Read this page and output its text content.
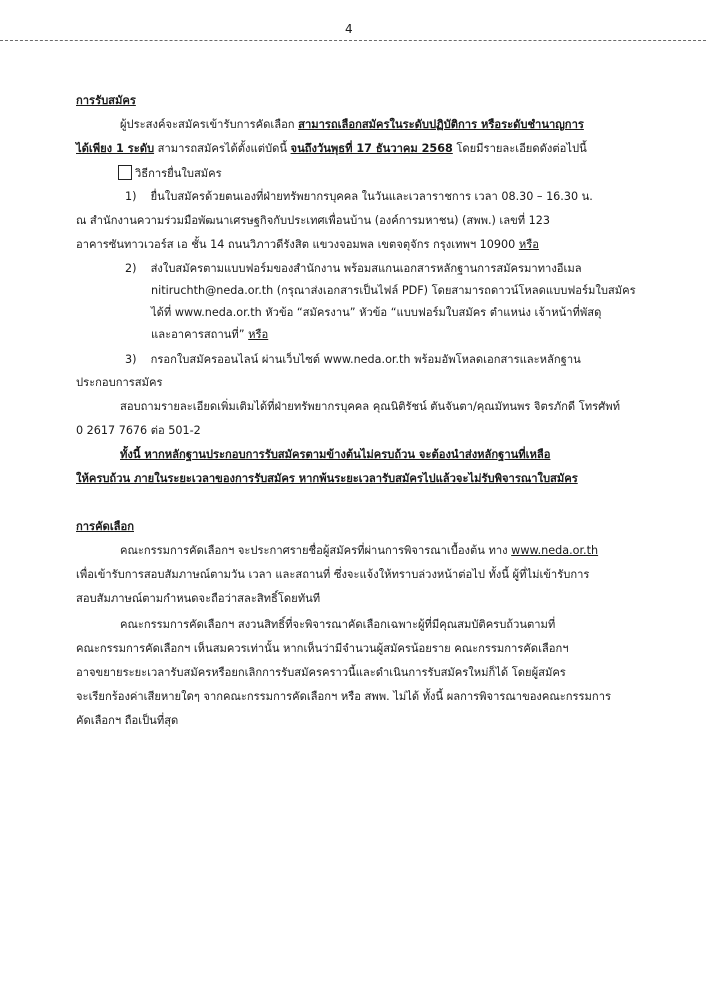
4
การรับสมัคร
ผู้ประสงค์จะสมัครเข้ารับการคัดเลือก สามารถเลือกสมัครในระดับปฏิบัติการ หรือระดับชำนาญการ
ได้เพียง 1 ระดับ สามารถสมัครได้ตั้งแต่บัดนี้ จนถึงวันพุธที่ 17 ธันวาคม 2568 โดยมีรายละเอียดดังต่อไปนี้
วิธีการยื่นใบสมัคร
1) ยื่นใบสมัครด้วยตนเองที่ฝ่ายทรัพยากรบุคคล ในวันและเวลาราชการ เวลา 08.30 – 16.30 น.
ณ สำนักงานความร่วมมือพัฒนาเศรษฐกิจกับประเทศเพื่อนบ้าน (องค์การมหาชน) (สพพ.) เลขที่ 123
อาคารซันทาวเวอร์ส เอ ชั้น 14 ถนนวิภาวดีรังสิต แขวงจอมพล เขตจตุจักร กรุงเทพฯ 10900 หรือ
2) ส่งใบสมัครตามแบบฟอร์มของสำนักงาน พร้อมสแกนเอกสารหลักฐานการสมัครมาทางอีเมล
nitiruchth@neda.or.th (กรุณาส่งเอกสารเป็นไฟล์ PDF) โดยสามารถดาวน์โหลดแบบฟอร์มใบสมัคร
ได้ที่ www.neda.or.th หัวข้อ “สมัครงาน” หัวข้อ “แบบฟอร์มใบสมัคร ตำแหน่ง เจ้าหน้าที่พัสดุ
และอาคารสถานที่” หรือ
3) กรอกใบสมัครออนไลน์ ผ่านเว็บไซต์ www.neda.or.th พร้อมอัพโหลดเอกสารและหลักฐาน
ประกอบการสมัคร
สอบถามรายละเอียดเพิ่มเติมได้ที่ฝ่ายทรัพยากรบุคคล คุณนิติรัชน์ ตันจันตา/คุณมัทนพร จิตรภักดี โทรศัพท์
0 2617 7676 ต่อ 501-2
ทั้งนี้ หากหลักฐานประกอบการรับสมัครตามข้างต้นไม่ครบถ้วน จะต้องนำส่งหลักฐานที่เหลือ
ให้ครบถ้วน ภายในระยะเวลาของการรับสมัคร หากพ้นระยะเวลารับสมัครไปแล้วจะไม่รับพิจารณาใบสมัคร
การคัดเลือก
คณะกรรมการคัดเลือกฯ จะประกาศรายชื่อผู้สมัครที่ผ่านการพิจารณาเบื้องต้น ทาง www.neda.or.th
เพื่อเข้ารับการสอบสัมภาษณ์ตามวัน เวลา และสถานที่ ซึ่งจะแจ้งให้ทราบล่วงหน้าต่อไป ทั้งนี้ ผู้ที่ไม่เข้ารับการ
สอบสัมภาษณ์ตามกำหนดจะถือว่าสละสิทธิ์โดยทันที
คณะกรรมการคัดเลือกฯ สงวนสิทธิ์ที่จะพิจารณาคัดเลือกเฉพาะผู้ที่มีคุณสมบัติครบถ้วนตามที่
คณะกรรมการคัดเลือกฯ เห็นสมควรเท่านั้น หากเห็นว่ามีจำนวนผู้สมัครน้อยราย คณะกรรมการคัดเลือกฯ
อาจขยายระยะเวลารับสมัครหรือยกเลิกการรับสมัครคราวนี้และดำเนินการรับสมัครใหม่ก็ได้ โดยผู้สมัคร
จะเรียกร้องค่าเสียหายใดๆ จากคณะกรรมการคัดเลือกฯ หรือ สพพ. ไม่ได้ ทั้งนี้ ผลการพิจารณาของคณะกรรมการ
คัดเลือกฯ ถือเป็นที่สุด
